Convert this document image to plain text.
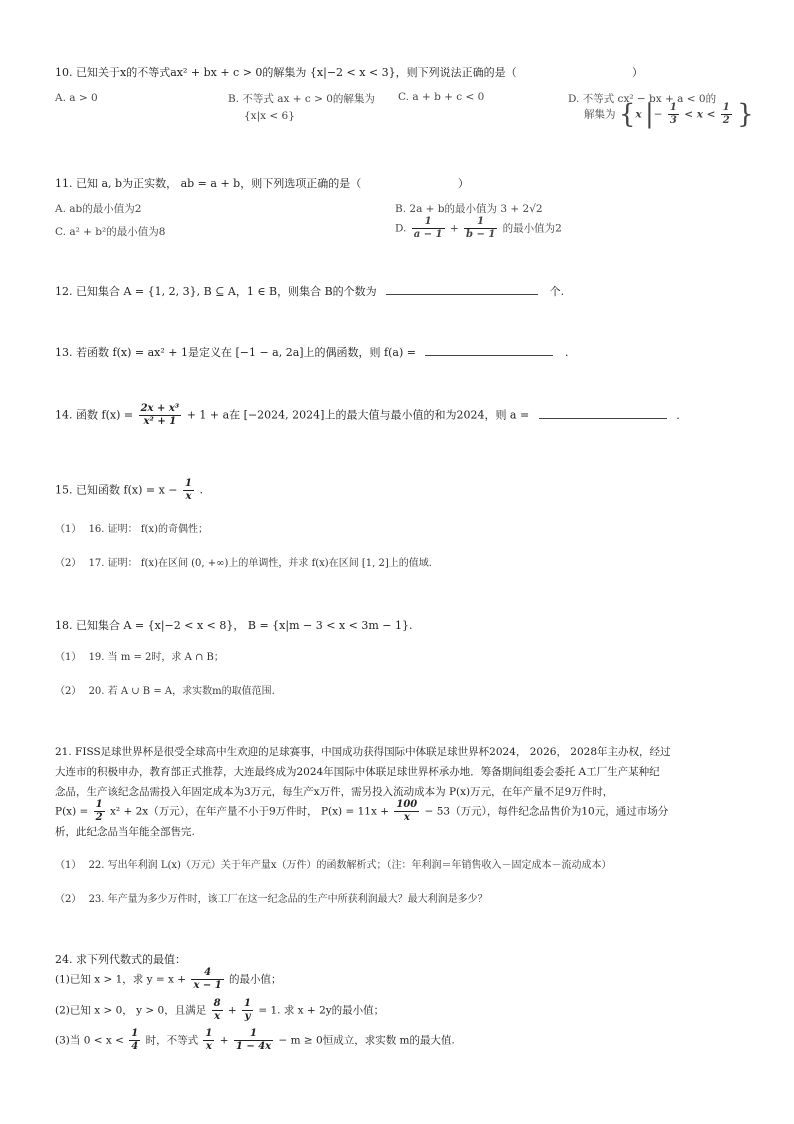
10. 已知关于x的不等式ax² + bx + c > 0的解集为 {x|−2 < x < 3}，则下列说法正确的是（	）
A. a > 0	B. 不等式 ax + c > 0的解集为
{x|x < 6}
C. a + b + c < 0	D. 不等式 cx² − bx + a < 0的
解集为 {x |− $\frac{1}{3} < x < \frac{1}{2}$ }
11. 已知 a, b为正实数， ab = a + b，则下列选项正确的是（	）
A. ab的最小值为2	B. 2a + b的最小值为 3 + 2√2
C. a² + b²的最小值为8	D. $\frac{1}{a - 1} + \frac{1}{b - 1}$ 的最小值为2
12. 已知集合 A = {1, 2, 3}, B ⊆ A，1 ∈ B，则集合 B的个数为	个.
13. 若函数 f(x) = ax² + 1是定义在 [−1 − a, 2a]上的偶函数，则 f(a) =	.
14. 函数 $f(x) = \frac{\text{2x + x³}}{\text{x² + 1}} + 1 + a$在 [−2024, 2024]上的最大值与最小值的和为2024，则 a =	.
15. 已知函数 $f(x) = x - \frac{1}{x}$ .
（1） 16. 证明： f(x)的奇偶性；
（2） 17. 证明： f(x)在区间 (0, +∞)上的单调性，并求 f(x)在区间 [1, 2]上的值域.
18. 已知集合 A = {x|−2 < x < 8}， B = {x|m − 3 < x < 3m − 1}.
（1） 19. 当 m = 2时，求 A ∩ B；
（2） 20. 若 A ∪ B = A，求实数m的取值范围.
21. FISS足球世界杯是很受全球高中生欢迎的足球赛事，中国成功获得国际中体联足球世界杯2024， 2026， 2028年主办权，经过
大连市的积极申办，教育部正式推荐，大连最终成为2024年国际中体联足球世界杯承办地．筹备期间组委会委托 A工厂生产某种纪
念品，生产该纪念品需投入年固定成本为3万元，每生产x万件，需另投入流动成本为 P(x)万元，在年产量不足9万件时，
$P(x) = \frac{1}{2} x^2 + 2x$（万元），在年产量不小于9万件时， $P(x) = 11x + \frac{100}{x} - 53$（万元），每件纪念品售价为10元，通过市场分
析，此纪念品当年能全部售完.
（1） 22. 写出年利润 L(x)（万元）关于年产量x（万件）的函数解析式；（注：年利润＝年销售收入－固定成本－流动成本）
（2） 23. 年产量为多少万件时，该工厂在这一纪念品的生产中所获利润最大？最大利润是多少？
24. 求下列代数式的最值：
(1)已知 x > 1，求 $y = x + \frac{4}{x - 1}$ 的最小值；
(2)已知 x > 0， y > 0，且满足 $\frac{8}{x} + \frac{1}{y} = 1$. 求 x + 2y的最小值；
(3)当 $0 < x < \frac{1}{4}$ 时，不等式 $\frac{1}{x} + \frac{1}{1 - 4x} - m \ge 0$恒成立，求实数 m的最大值.
